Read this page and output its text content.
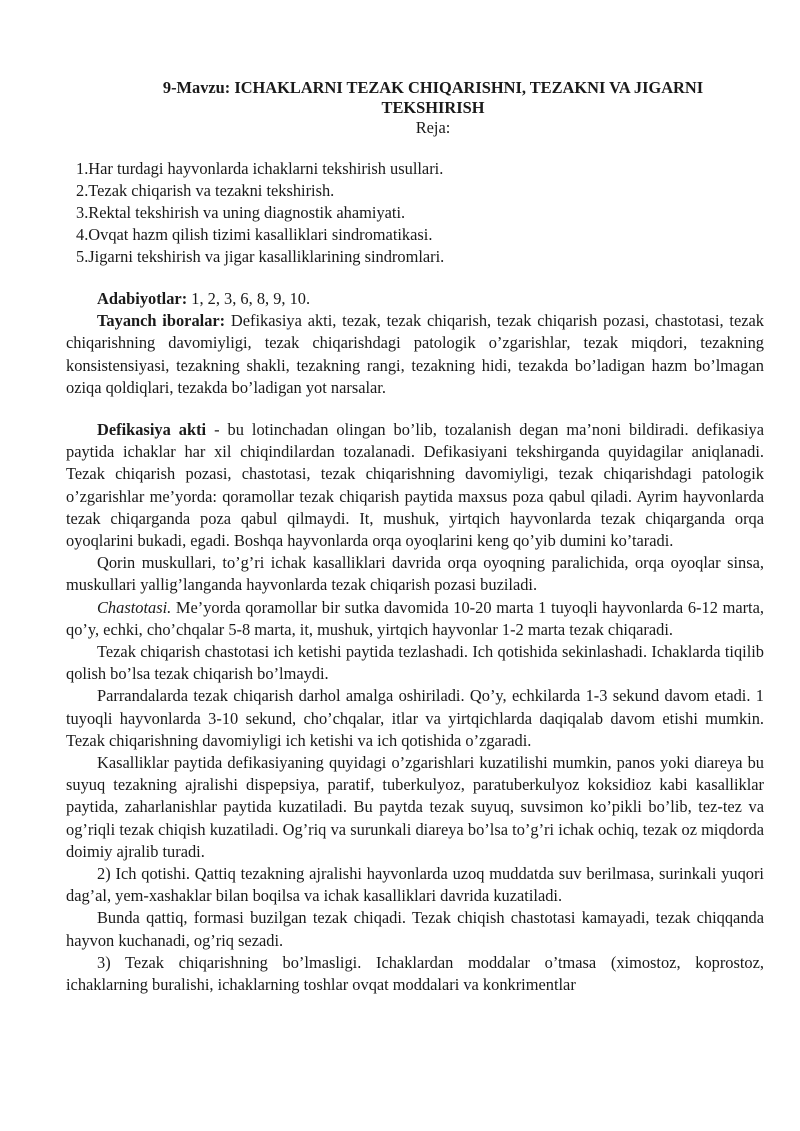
9-Mavzu: ICHAKLARNI TEZAK CHIQARISHNI, TEZAKNI VA JIGARNI
TEKSHIRISH
Reja:
1.Har turdagi hayvonlarda ichaklarni tekshirish usullari.
2.Tezak chiqarish va tezakni tekshirish.
3.Rektal tekshirish va uning diagnostik ahamiyati.
4.Ovqat hazm qilish tizimi kasalliklari sindromatikasi.
5.Jigarni tekshirish va jigar kasalliklarining sindromlari.

Adabiyotlar: 1, 2, 3, 6, 8, 9, 10.

Tayanch iboralar: Defikasiya akti, tezak, tezak chiqarish, tezak chiqarish pozasi, chastotasi, tezak chiqarishning davomiyligi, tezak chiqarishdagi patologik o’zgarishlar, tezak miqdori, tezakning konsistensiyasi, tezakning shakli, tezakning rangi, tezakning hidi, tezakda bo’ladigan hazm bo’lmagan oziqa qoldiqlari, tezakda bo’ladigan yot narsalar.

Defikasiya akti - bu lotinchadan olingan bo’lib, tozalanish degan ma’noni bildiradi. defikasiya paytida ichaklar har xil chiqindilardan tozalanadi. Defikasiyani tekshirganda quyidagilar aniqlanadi. Tezak chiqarish pozasi, chastotasi, tezak chiqarishning davomiyligi, tezak chiqarishdagi patologik o’zgarishlar me’yorda: qoramollar tezak chiqarish paytida maxsus poza qabul qiladi. Ayrim hayvonlarda tezak chiqarganda poza qabul qilmaydi. It, mushuk, yirtqich hayvonlarda tezak chiqarganda orqa oyoqlarini bukadi, egadi. Boshqa hayvonlarda orqa oyoqlarini keng qo’yib dumini ko’taradi.

Qorin muskullari, to’g’ri ichak kasalliklari davrida orqa oyoqning paralichida, orqa oyoqlar sinsa, muskullari yallig’langanda hayvonlarda tezak chiqarish pozasi buziladi.

Chastotasi. Me’yorda qoramollar bir sutka davomida 10-20 marta 1 tuyoqli hayvonlarda 6-12 marta, qo’y, echki, cho’chqalar 5-8 marta, it, mushuk, yirtqich hayvonlar 1-2 marta tezak chiqaradi.

Tezak chiqarish chastotasi ich ketishi paytida tezlashadi. Ich qotishida sekinlashadi. Ichaklarda tiqilib qolish bo’lsa tezak chiqarish bo’lmaydi.

Parrandalarda tezak chiqarish darhol amalga oshiriladi. Qo’y, echkilarda 1-3 sekund davom etadi. 1 tuyoqli hayvonlarda 3-10 sekund, cho’chqalar, itlar va yirtqichlarda daqiqalab davom etishi mumkin. Tezak chiqarishning davomiyligi ich ketishi va ich qotishida o’zgaradi.

Kasalliklar paytida defikasiyaning quyidagi o’zgarishlari kuzatilishi mumkin, panos yoki diareya bu suyuq tezakning ajralishi dispepsiya, paratif, tuberkulyoz, paratuberkulyoz koksidioz kabi kasalliklar paytida, zaharlanishlar paytida kuzatiladi. Bu paytda tezak suyuq, suvsimon ko’pikli bo’lib, tez-tez va og’riqli tezak chiqish kuzatiladi. Og’riq va surunkali diareya bo’lsa to’g’ri ichak ochiq, tezak oz miqdorda doimiy ajralib turadi.

2) Ich qotishi. Qattiq tezakning ajralishi hayvonlarda uzoq muddatda suv berilmasa, surinkali yuqori dag’al, yem-xashaklar bilan boqilsa va ichak kasalliklari davrida kuzatiladi.

Bunda qattiq, formasi buzilgan tezak chiqadi. Tezak chiqish chastotasi kamayadi, tezak chiqqanda hayvon kuchanadi, og’riq sezadi.

3) Tezak chiqarishning bo’lmasligi. Ichaklardan moddalar o’tmasa (ximostoz, koprostoz, ichaklarning buralishi, ichaklarning toshlar ovqat moddalari va konkrimentlar
